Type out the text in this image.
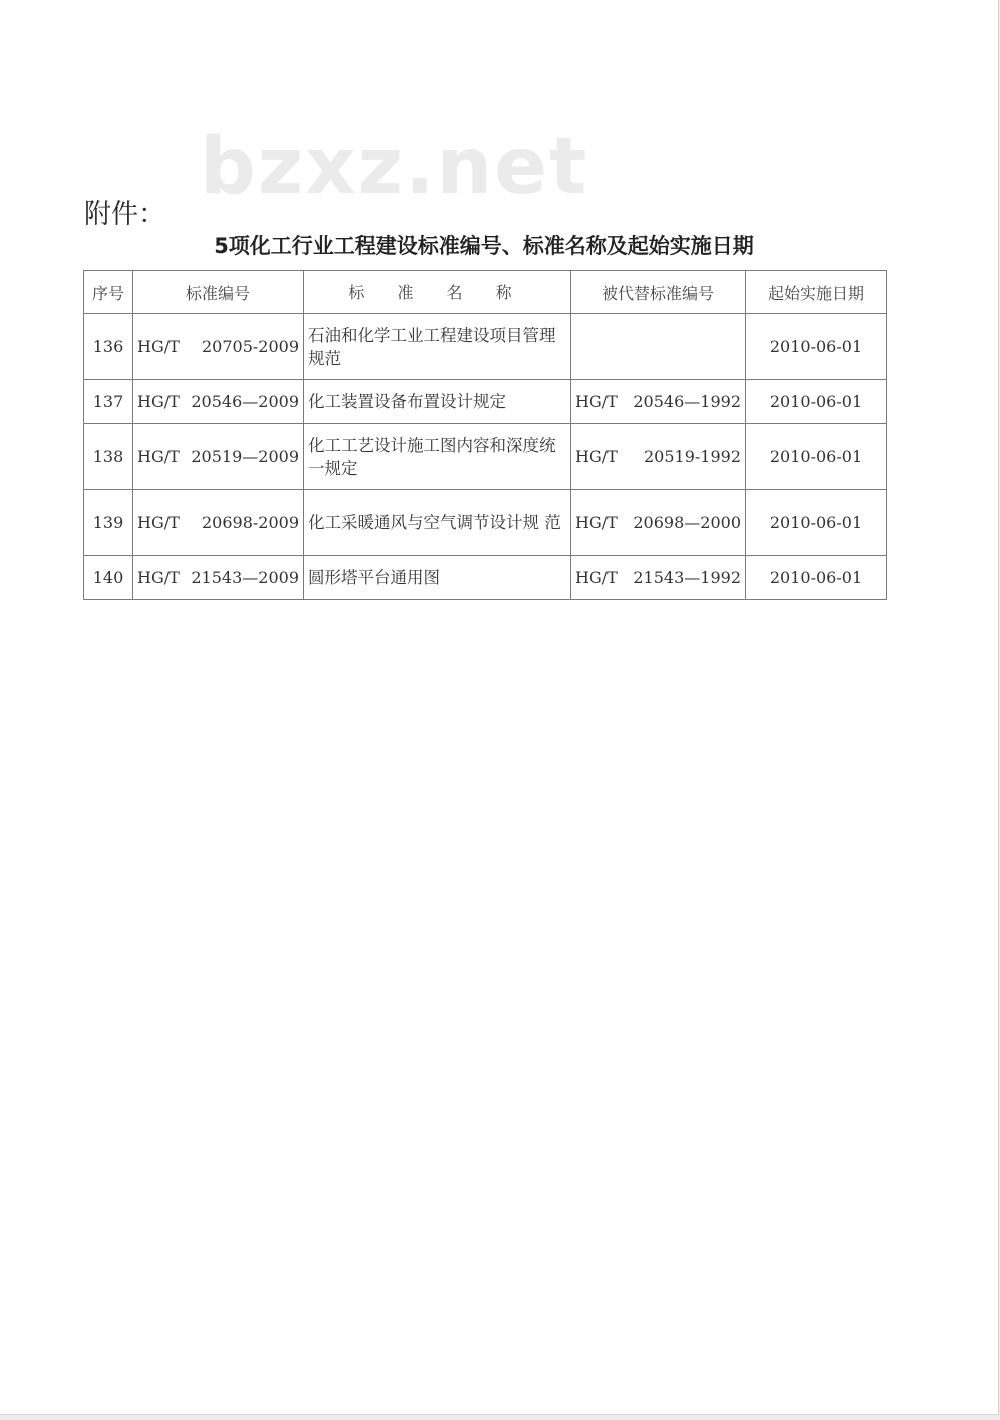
bzxz.net
附件：
5项化工行业工程建设标准编号、标准名称及起始实施日期
序号	标准编号	标 准 名 称	被代替标准编号	起始实施日期
136	HG/T 20705-2009	石油和化学工业工程建设项目管理规范		2010-06-01
137	HG/T 20546—2009	化工装置设备布置设计规定	HG/T 20546—1992	2010-06-01
138	HG/T 20519—2009	化工工艺设计施工图内容和深度统一规定	HG/T 20519-1992	2010-06-01
139	HG/T 20698-2009	化工采暖通风与空气调节设计规 范	HG/T 20698—2000	2010-06-01
140	HG/T 21543—2009	圆形塔平台通用图	HG/T 21543—1992	2010-06-01
